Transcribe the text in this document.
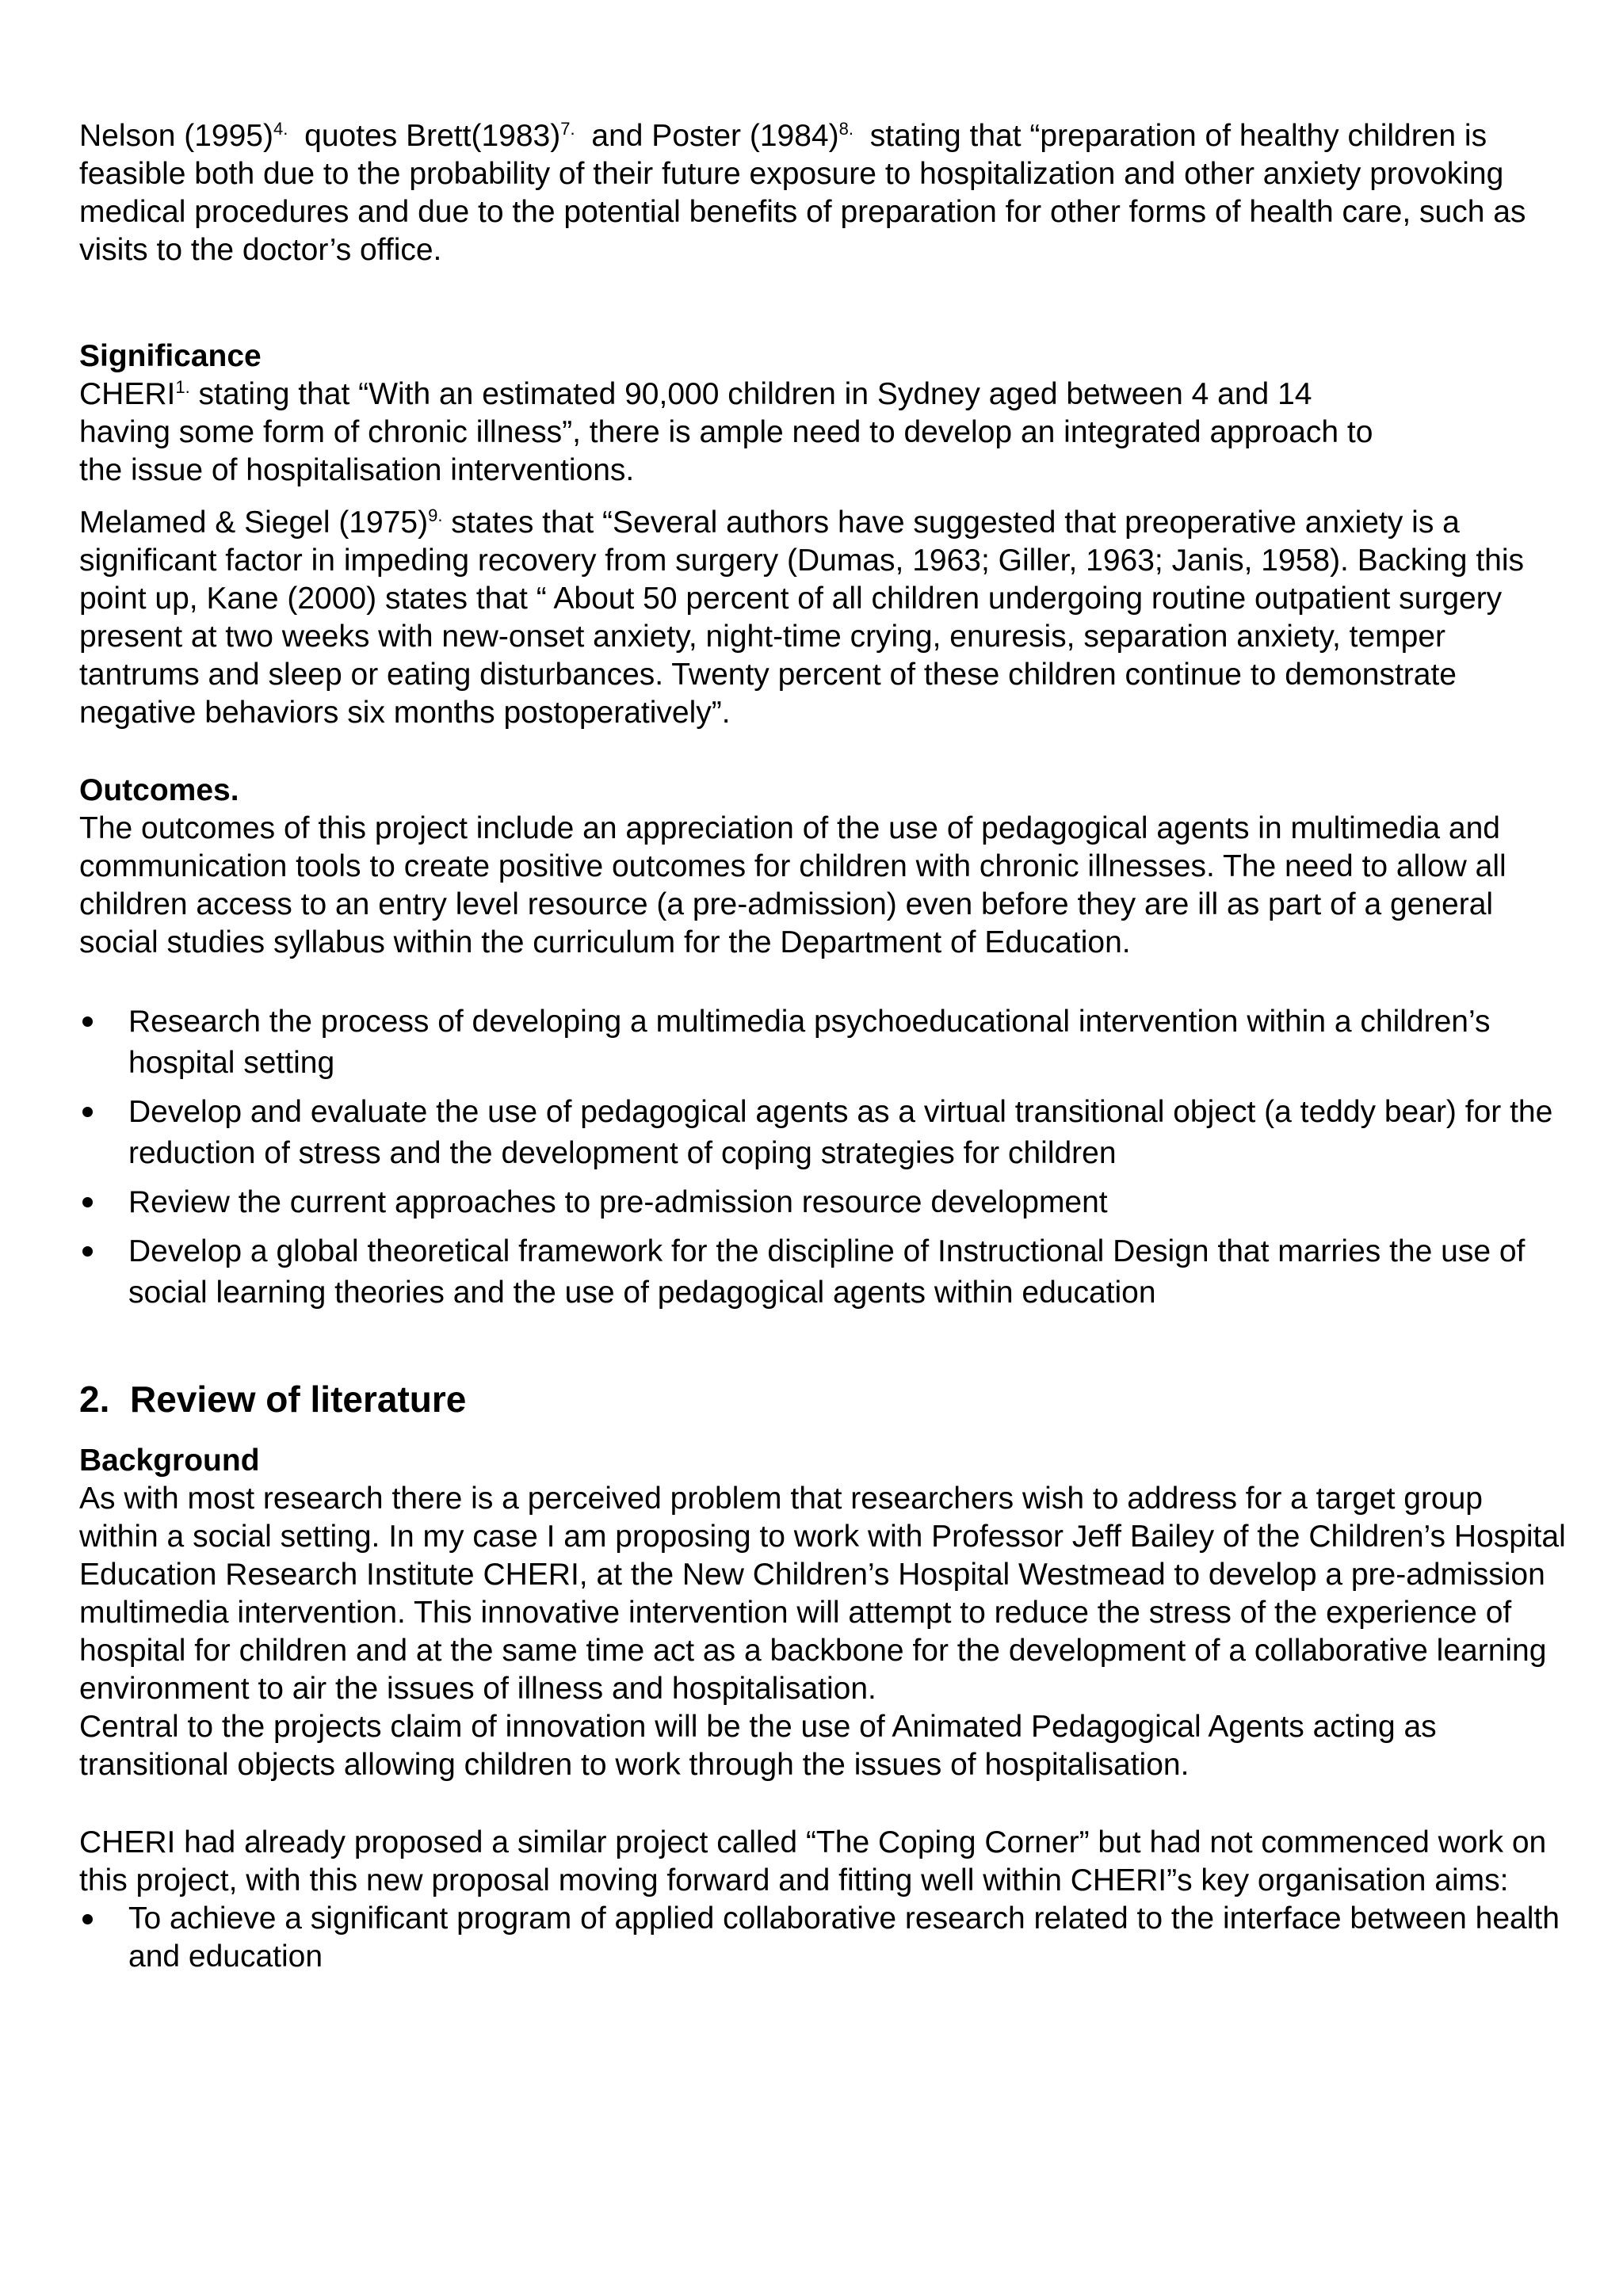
Nelson $(1995)^{4.}$ quotes $Brett(1983)^{7.}$ and Poster $(1984)^{8.}$ stating that “preparation of healthy children is feasible both due to the probability of their future exposure to hospitalization and other anxiety provoking medical procedures and due to the potential benefits of preparation for other forms of health care, such as visits to the doctor’s office.

Significance

$CHERI^{1.}$ stating that “With an estimated 90,000 children in Sydney aged between 4 and 14
having some form of chronic illness”, there is ample need to develop an integrated approach to
the issue of hospitalisation interventions.

Melamed & Siegel $(1975)^{9.}$ states that “Several authors have suggested that preoperative anxiety is a significant factor in impeding recovery from surgery (Dumas, 1963; Giller, 1963; Janis, 1958). Backing this point up, Kane (2000) states that “ About 50 percent of all children undergoing routine outpatient surgery present at two weeks with new-onset anxiety, night-time crying, enuresis, separation anxiety, temper tantrums and sleep or eating disturbances. Twenty percent of these children continue to demonstrate negative behaviors six months postoperatively”.

Outcomes.

The outcomes of this project include an appreciation of the use of pedagogical agents in multimedia and communication tools to create positive outcomes for children with chronic illnesses. The need to allow all children access to an entry level resource (a pre-admission) even before they are ill as part of a general social studies syllabus within the curriculum for the Department of Education.

Research the process of developing a multimedia psychoeducational intervention within a children’s hospital setting
Develop and evaluate the use of pedagogical agents as a virtual transitional object (a teddy bear) for the reduction of stress and the development of coping strategies for children
Review the current approaches to pre-admission resource development
Develop a global theoretical framework for the discipline of Instructional Design that marries the use of social learning theories and the use of pedagogical agents within education

2. Review of literature

Background

As with most research there is a perceived problem that researchers wish to address for a target group within a social setting. In my case I am proposing to work with Professor Jeff Bailey of the Children’s Hospital Education Research Institute CHERI, at the New Children’s Hospital Westmead to develop a pre-admission multimedia intervention. This innovative intervention will attempt to reduce the stress of the experience of hospital for children and at the same time act as a backbone for the development of a collaborative learning environment to air the issues of illness and hospitalisation.

Central to the projects claim of innovation will be the use of Animated Pedagogical Agents acting as transitional objects allowing children to work through the issues of hospitalisation.

CHERI had already proposed a similar project called “The Coping Corner” but had not commenced work on this project, with this new proposal moving forward and fitting well within CHERI”s key organisation aims:

To achieve a significant program of applied collaborative research related to the interface between health and education
